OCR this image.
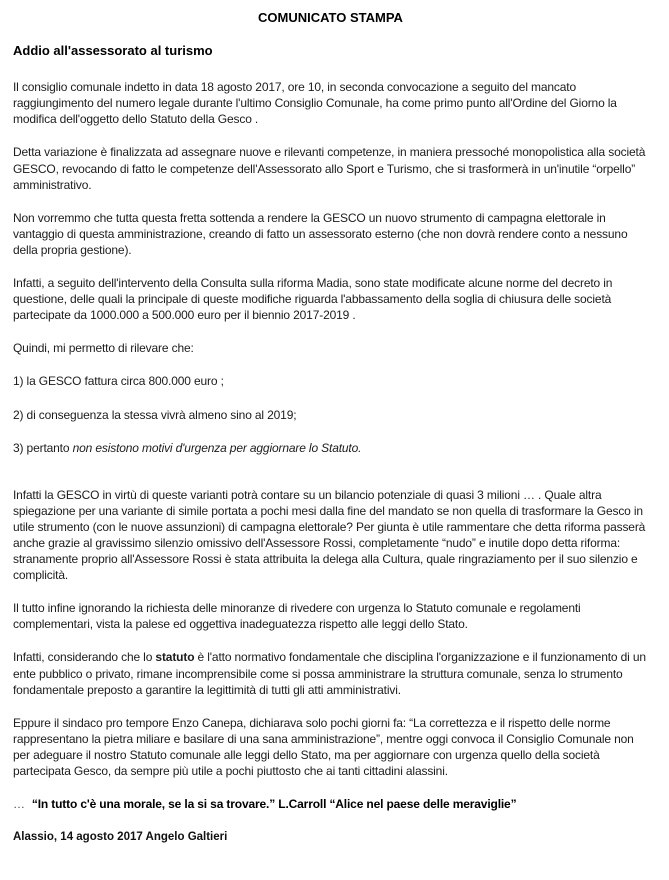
COMUNICATO STAMPA

Addio all'assessorato al turismo

Il consiglio comunale indetto in data 18 agosto 2017, ore 10, in seconda convocazione a seguito del mancato raggiungimento del numero legale durante l'ultimo Consiglio Comunale, ha come primo punto all'Ordine del Giorno la modifica dell'oggetto dello Statuto della Gesco .

Detta variazione è finalizzata ad assegnare nuove e rilevanti competenze, in maniera pressoché monopolistica alla società GESCO, revocando di fatto le competenze dell'Assessorato allo Sport e Turismo, che si trasformerà in un'inutile “orpello” amministrativo.

Non vorremmo che tutta questa fretta sottenda a rendere la GESCO un nuovo strumento di campagna elettorale in vantaggio di questa amministrazione, creando di fatto un assessorato esterno (che non dovrà rendere conto a nessuno della propria gestione).

Infatti, a seguito dell'intervento della Consulta sulla riforma Madia, sono state modificate alcune norme del decreto in questione, delle quali la principale di queste modifiche riguarda l'abbassamento della soglia di chiusura delle società partecipate da 1000.000 a 500.000 euro per il biennio 2017-2019 .

Quindi, mi permetto di rilevare che:

1) la GESCO fattura circa 800.000 euro ;

2) di conseguenza la stessa vivrà almeno sino al 2019;

3) pertanto non esistono motivi d'urgenza per aggiornare lo Statuto.

Infatti la GESCO in virtù di queste varianti potrà contare su un bilancio potenziale di quasi 3 milioni … . Quale altra spiegazione per una variante di simile portata a pochi mesi dalla fine del mandato se non quella di trasformare la Gesco in utile strumento (con le nuove assunzioni) di campagna elettorale? Per giunta è utile rammentare che detta riforma passerà anche grazie al gravissimo silenzio omissivo dell'Assessore Rossi, completamente “nudo” e inutile dopo detta riforma: stranamente proprio all'Assessore Rossi è stata attribuita la delega alla Cultura, quale ringraziamento per il suo silenzio e complicità.

Il tutto infine ignorando la richiesta delle minoranze di rivedere con urgenza lo Statuto comunale e regolamenti complementari, vista la palese ed oggettiva inadeguatezza rispetto alle leggi dello Stato.

Infatti, considerando che lo statuto è l'atto normativo fondamentale che disciplina l'organizzazione e il funzionamento di un ente pubblico o privato, rimane incomprensibile come si possa amministrare la struttura comunale, senza lo strumento fondamentale preposto a garantire la legittimità di tutti gli atti amministrativi.

Eppure il sindaco pro tempore Enzo Canepa, dichiarava solo pochi giorni fa: “La correttezza e il rispetto delle norme rappresentano la pietra miliare e basilare di una sana amministrazione”, mentre oggi convoca il Consiglio Comunale non per adeguare il nostro Statuto comunale alle leggi dello Stato, ma per aggiornare con urgenza quello della società partecipata Gesco, da sempre più utile a pochi piuttosto che ai tanti cittadini alassini.

… “In tutto c'è una morale, se la si sa trovare.” L.Carroll “Alice nel paese delle meraviglie”

Alassio, 14 agosto 2017 Angelo Galtieri
